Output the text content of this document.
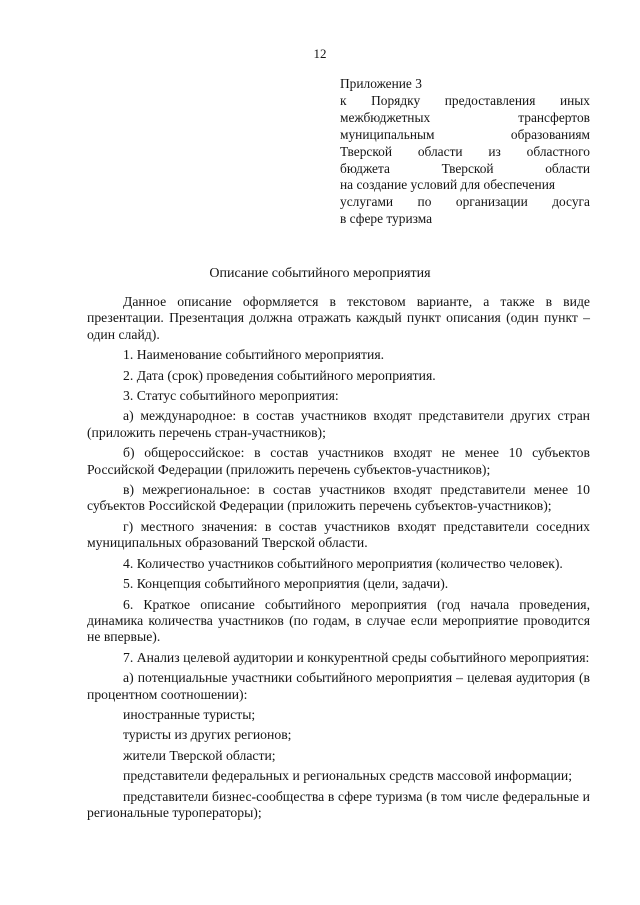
12
Приложение 3
к Порядку предоставления иных
межбюджетных	трансфертов
муниципальным	образованиям
Тверской области из областного
бюджета	Тверской	области
на создание условий для обеспечения
услугами по организации досуга
в сфере туризма
Описание событийного мероприятия

Данное описание оформляется в текстовом варианте, а также в виде презентации. Презентация должна отражать каждый пункт описания (один пункт – один слайд).

1. Наименование событийного мероприятия.

2. Дата (срок) проведения событийного мероприятия.

3. Статус событийного мероприятия:

а) международное: в состав участников входят представители других стран (приложить перечень стран-участников);

б) общероссийское: в состав участников входят не менее 10 субъектов Российской Федерации (приложить перечень субъектов-участников);

в) межрегиональное: в состав участников входят представители менее 10 субъектов Российской Федерации (приложить перечень субъектов-участников);

г) местного значения: в состав участников входят представители соседних муниципальных образований Тверской области.

4. Количество участников событийного мероприятия (количество человек).

5. Концепция событийного мероприятия (цели, задачи).

6. Краткое описание событийного мероприятия (год начала проведения, динамика количества участников (по годам, в случае если мероприятие проводится не впервые).

7. Анализ целевой аудитории и конкурентной среды событийного мероприятия:

а) потенциальные участники событийного мероприятия – целевая аудитория (в процентном соотношении):

иностранные туристы;

туристы из других регионов;

жители Тверской области;

представители федеральных и региональных средств массовой информации;

представители бизнес-сообщества в сфере туризма (в том числе федеральные и региональные туроператоры);
